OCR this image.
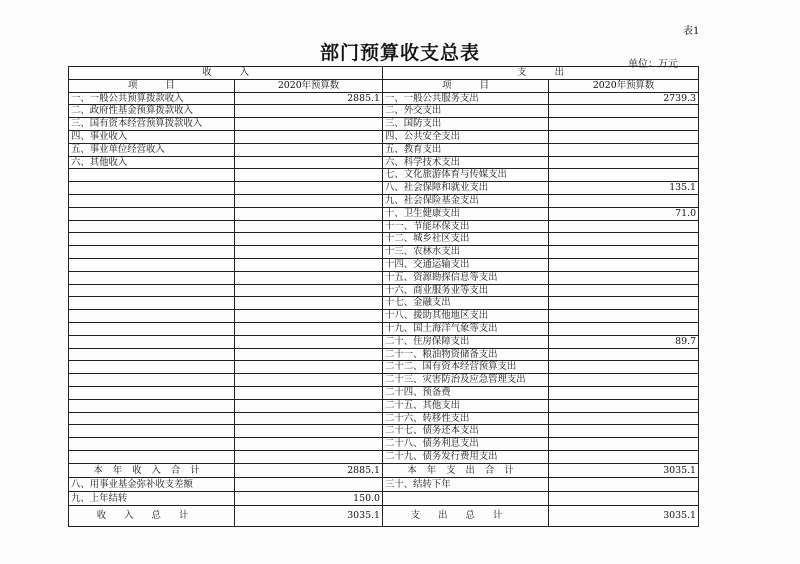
表1
部门预算收支总表
单位：万元
收　　　入		支　　　出	
项　　　目	2020年预算数	项　　　目	2020年预算数
一、一般公共预算拨款收入	2885.1	一、一般公共服务支出	2739.3
二、政府性基金预算拨款收入		二、外交支出	
三、国有资本经营预算拨款收入		三、国防支出	
四、事业收入		四、公共安全支出	
五、事业单位经营收入		五、教育支出	
六、其他收入		六、科学技术支出	
		七、文化旅游体育与传媒支出	
		八、社会保障和就业支出	135.1
		九、社会保险基金支出	
		十、卫生健康支出	71.0
		十一、节能环保支出	
		十二、城乡社区支出	
		十三、农林水支出	
		十四、交通运输支出	
		十五、资源勘探信息等支出	
		十六、商业服务业等支出	
		十七、金融支出	
		十八、援助其他地区支出	
		十九、国土海洋气象等支出	
		二十、住房保障支出	89.7
		二十一、粮油物资储备支出	
		二十二、国有资本经营预算支出	
		二十三、灾害防治及应急管理支出	
		二十四、预备费	
		二十五、其他支出	
		二十六、转移性支出	
		二十七、债务还本支出	
		二十八、债务利息支出	
		二十九、债务发行费用支出	
本年收入合计	2885.1	本年支出合计	3035.1
八、用事业基金弥补收支差额		三十、结转下年	
九、上年结转	150.0		
收入总计	3035.1	支出总计	3035.1
